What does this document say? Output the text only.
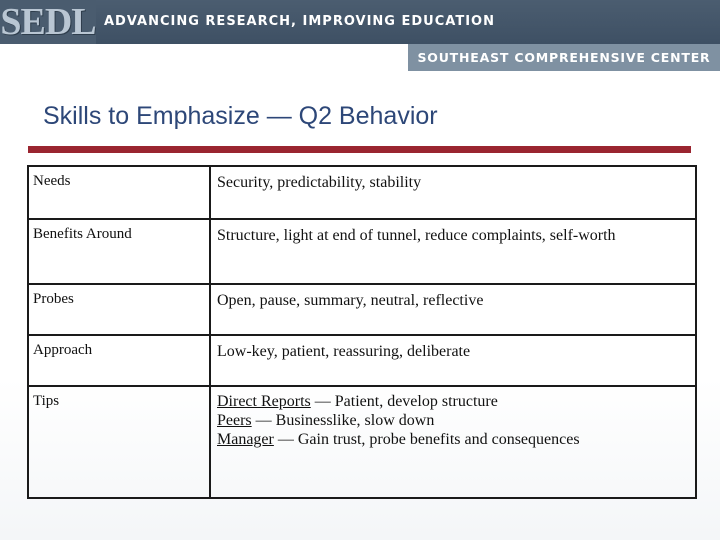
SEDL ADVANCING RESEARCH, IMPROVING EDUCATION
SOUTHEAST COMPREHENSIVE CENTER
Skills to Emphasize — Q2 Behavior
Needs	Security, predictability, stability

Benefits Around	Structure, light at end of tunnel, reduce complaints, self-worth

Probes	Open, pause, summary, neutral, reflective

Approach	Low-key, patient, reassuring, deliberate

Tips	Direct Reports — Patient, develop structure
Peers — Businesslike, slow down
Manager — Gain trust, probe benefits and consequences
